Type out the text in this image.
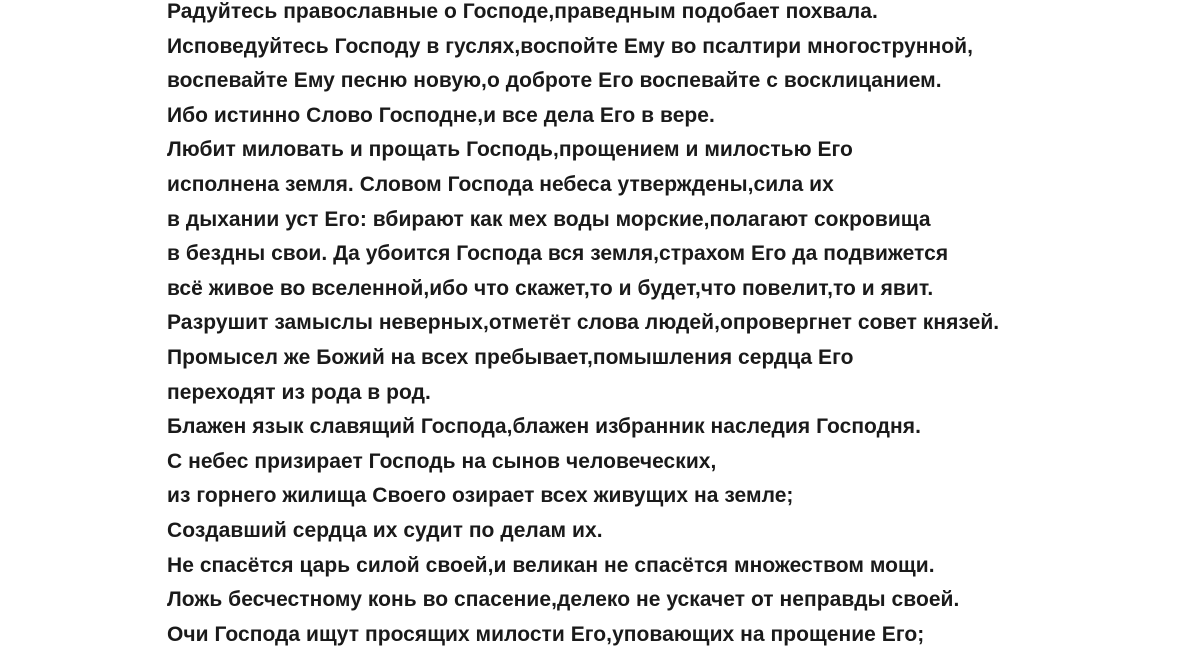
Радуйтесь православные о Господе,праведным подобает похвала.
Исповедуйтесь Господу в гуслях,воспойте Ему во псалтири многострунной,
воспевайте Ему песню новую,о доброте Его воспевайте с восклицанием.
Ибо истинно Слово Господне,и все дела Его в вере.
Любит миловать и прощать Господь,прощением и милостью Его
исполнена земля. Словом Господа небеса утверждены,сила их
в дыхании уст Его: вбирают как мех воды морские,полагают сокровища
в бездны свои. Да убоится Господа вся земля,страхом Его да подвижется
всё живое во вселенной,ибо что скажет,то и будет,что повелит,то и явит.
Разрушит замыслы неверных,отметёт слова людей,опровергнет совет князей.
Промысел же Божий на всех пребывает,помышления сердца Его
переходят из рода в род.
Блажен язык славящий Господа,блажен избранник наследия Господня.
С небес призирает Господь на сынов человеческих,
из горнего жилища Своего озирает всех живущих на земле;
Создавший сердца их судит по делам их.
Не спасётся царь силой своей,и великан не спасётся множеством мощи.
Ложь бесчестному конь во спасение,делеко не ускачет от неправды своей.
Очи Господа ищут просящих милости Его,уповающих на прощение Его;
